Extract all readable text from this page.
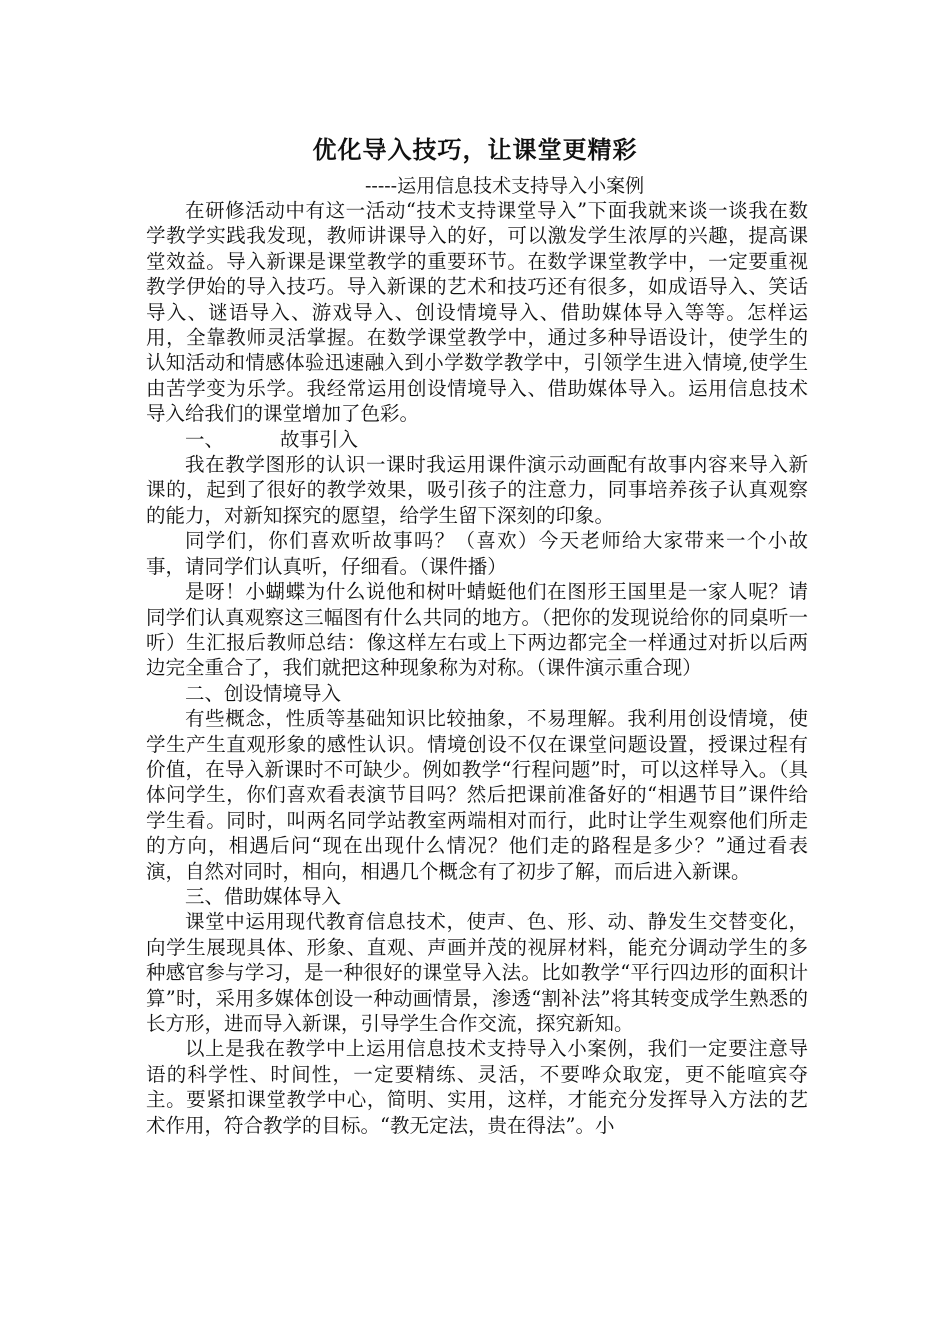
优化导入技巧，让课堂更精彩
-----运用信息技术支持导入小案例

在研修活动中有这一活动“技术支持课堂导入”下面我就来谈一谈我在数学教学实践我发现，教师讲课导入的好，可以激发学生浓厚的兴趣，提高课堂效益。导入新课是课堂教学的重要环节。在数学课堂教学中，一定要重视教学伊始的导入技巧。导入新课的艺术和技巧还有很多，如成语导入、笑话导入、谜语导入、游戏导入、创设情境导入、借助媒体导入等等。怎样运用，全靠教师灵活掌握。在数学课堂教学中，通过多种导语设计，使学生的认知活动和情感体验迅速融入到小学数学教学中，引领学生进入情境,使学生由苦学变为乐学。我经常运用创设情境导入、借助媒体导入。运用信息技术导入给我们的课堂增加了色彩。

一、	故事引入

我在教学图形的认识一课时我运用课件演示动画配有故事内容来导入新课的，起到了很好的教学效果，吸引孩子的注意力，同事培养孩子认真观察的能力，对新知探究的愿望，给学生留下深刻的印象。

同学们，你们喜欢听故事吗？（喜欢）今天老师给大家带来一个小故事，请同学们认真听，仔细看。（课件播）

是呀！小蝴蝶为什么说他和树叶蜻蜓他们在图形王国里是一家人呢？请同学们认真观察这三幅图有什么共同的地方。（把你的发现说给你的同桌听一听）生汇报后教师总结：像这样左右或上下两边都完全一样通过对折以后两边完全重合了，我们就把这种现象称为对称。（课件演示重合现）

二、创设情境导入

有些概念，性质等基础知识比较抽象，不易理解。我利用创设情境，使学生产生直观形象的感性认识。情境创设不仅在课堂问题设置，授课过程有价值，在导入新课时不可缺少。例如教学“行程问题”时，可以这样导入。（具体问学生，你们喜欢看表演节目吗？然后把课前准备好的“相遇节目”课件给学生看。同时，叫两名同学站教室两端相对而行，此时让学生观察他们所走的方向，相遇后问“现在出现什么情况？他们走的路程是多少？”通过看表演，自然对同时，相向，相遇几个概念有了初步了解，而后进入新课。

三、借助媒体导入

课堂中运用现代教育信息技术，使声、色、形、动、静发生交替变化，向学生展现具体、形象、直观、声画并茂的视屏材料，能充分调动学生的多种感官参与学习，是一种很好的课堂导入法。比如教学“平行四边形的面积计算”时，采用多媒体创设一种动画情景，渗透“割补法”将其转变成学生熟悉的长方形，进而导入新课，引导学生合作交流，探究新知。

以上是我在教学中上运用信息技术支持导入小案例，我们一定要注意导语的科学性、时间性，一定要精练、灵活，不要哗众取宠，更不能喧宾夺主。要紧扣课堂教学中心，简明、实用，这样，才能充分发挥导入方法的艺术作用，符合教学的目标。“教无定法，贵在得法”。小
